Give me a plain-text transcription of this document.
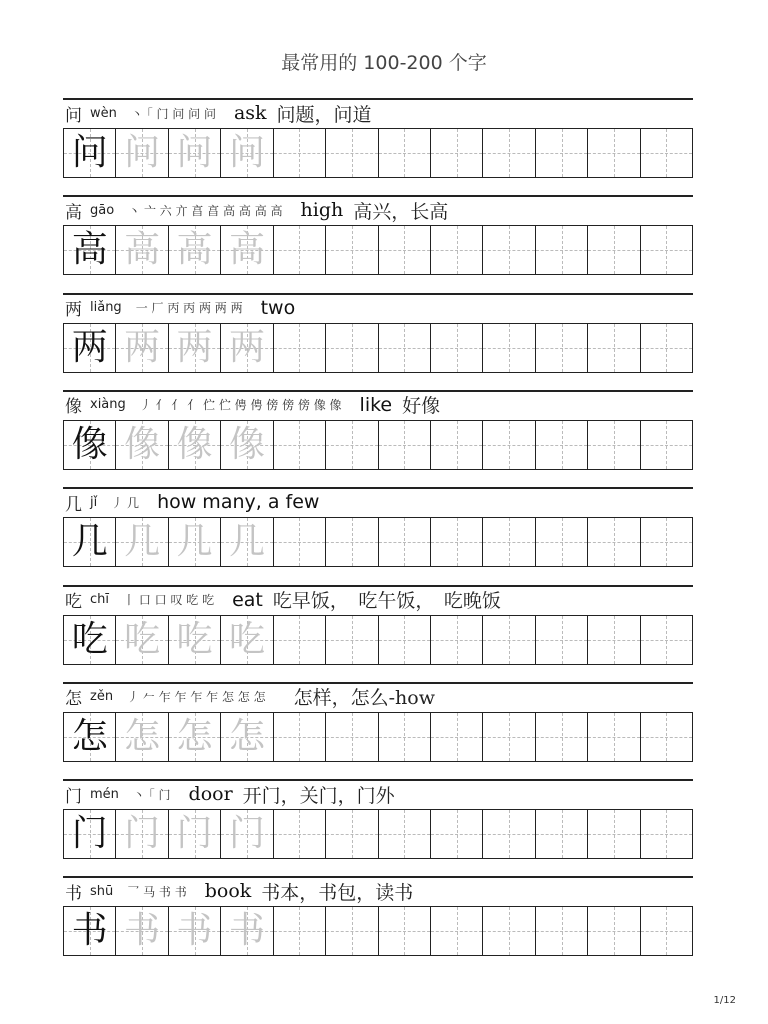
最常用的 100-200 个字
问 wèn 丶 ｢ 门 问 问 问 ask 问题，问道
问 问 问 问
高 gāo 丶 亠 六 亣 亯 亯 高 高 高 高 high 高兴，长高
高 高 高 高
两 liǎng 一 厂 丙 丙 两 两 两 two
两 两 两 两
像 xiàng 丿 亻 亻 亻 伫 伫 俜 俜 傍 傍 傍 像 像 like 好像
像 像 像 像
几 jǐ 丿 几 how many, a few
几 几 几 几
吃 chī 丨 口 口 叹 吃 吃 eat 吃早饭，　吃午饭，　吃晚饭
吃 吃 吃 吃
怎 zěn 丿 𠂉 乍 乍 乍 乍 怎 怎 怎 怎样，怎么-how
怎 怎 怎 怎
门 mén 丶 ｢ 门 door 开门，关门，门外
门 门 门 门
书 shū 乛 马 书 书 book 书本，书包，读书
书 书 书 书
1/12
